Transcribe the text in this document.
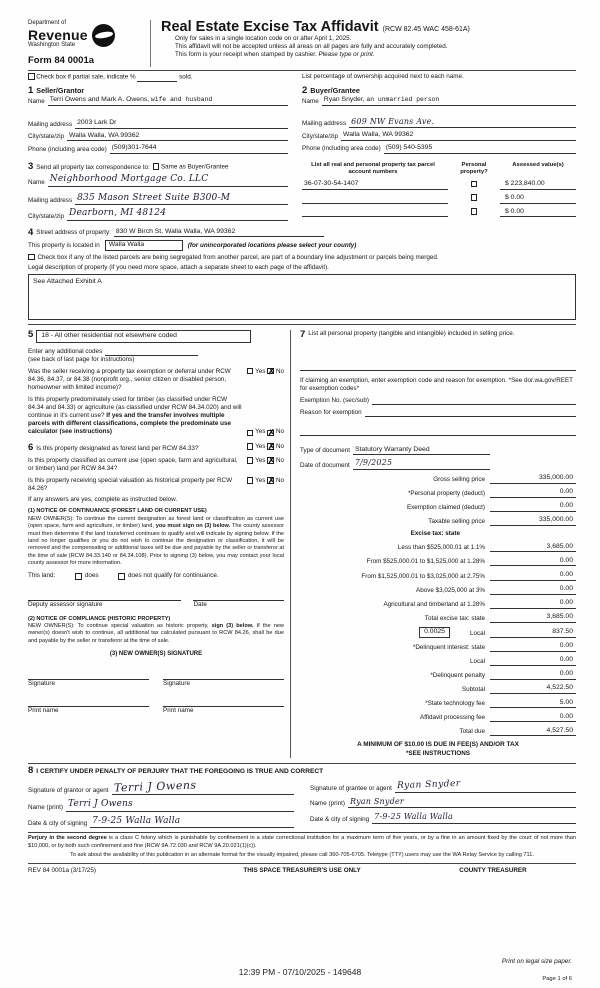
Department of
Revenue
Washington State
Form 84 0001a
Real Estate Excise Tax Affidavit (RCW 82.45 WAC 458-61A)
Only for sales in a single location code on or after April 1, 2025.
This affidavit will not be accepted unless all areas on all pages are fully and accurately completed.
This form is your receipt when stamped by cashier. Please type or print.
Check box if partial sale, indicate %	sold.	List percentage of ownership acquired next to each name.
1 Seller/Grantor
Name Terri Owens and Mark A. Owens, wife and husband
Mailing address 2003 Lark Dr
City/state/zip Walla Walla, WA 99362
Phone (including area code) (509)301-7644
2 Buyer/Grantee
Name Ryan Snyder, an unmarried person
Mailing address 609 NW Evans Ave.
City/state/zip Walla Walla, WA 99362
Phone (including area code) (509) 540-5395
3 Send all property tax correspondence to:	Same as Buyer/Grantee
Name Neighborhood Mortgage Co. LLC
Mailing address 835 Mason Street Suite B300-M
City/state/zip Dearborn, MI 48124
List all real and personal property tax parcel account numbers
Personal property?
Assessed value(s)
36-07-30-54-1407	$ 223,840.00
$ 0.00
$ 0.00
4 Street address of property: 830 W Birch St, Walla Walla, WA 99362
This property is located in	Walla Walla	(for unincorporated locations please select your county)
Check box if any of the listed parcels are being segregated from another parcel, are part of a boundary line adjustment or parcels being merged.
Legal description of property (if you need more space, attach a separate sheet to each page of the affidavit).
See Attached Exhibit A
5	18 - All other residential not elsewhere coded
Enter any additional codes
(see back of last page for instructions)
Was the seller receiving a property tax exemption or deferral under RCW 84.36, 84.37, or 84.38 (nonprofit org., senior citizen or disabled person, homeowner with limited income)?
Yes ✗ No
Is this property predominately used for timber (as classified under RCW 84.34 and 84.33) or agriculture (as classified under RCW 84.34.020) and will continue in it's current use? If yes and the transfer involves multiple parcels with different classifications, complete the predominate use calculator (see instructions)	Yes ✗ No
6 Is this property designated as forest land per RCW 84.33?	Yes ✗ No
Is this property classified as current use (open space, farm and agricultural, or timber) land per RCW 84.34?
Yes ✗ No
Is this property receiving special valuation as historical property per RCW 84.26?
Yes ✗ No
If any answers are yes, complete as instructed below.
(1) NOTICE OF CONTINUANCE (FOREST LAND OR CURRENT USE)
NEW OWNER(S): To continue the current designation as forest land or classification as current use (open space, farm and agriculture, or timber) land, you must sign on (3) below. The county assessor must then determine if the land transferred continues to qualify and will indicate by signing below. If the land no longer qualifies or you do not wish to continue the designation or classification, it will be removed and the compensating or additional taxes will be due and payable by the seller or transferor at the time of sale (RCW 84.33.140 or 84.34.108). Prior to signing (3) below, you may contact your local county assessor for more information.
This land:	does	does not qualify for continuance.
Deputy assessor signature	Date
(2) NOTICE OF COMPLIANCE (HISTORIC PROPERTY)
NEW OWNER(S): To continue special valuation as historic property, sign (3) below. If the new owner(s) doesn't wish to continue, all additional tax calculated pursuant to RCW 84.26, shall be due and payable by the seller or transferor at the time of sale.
(3) NEW OWNER(S) SIGNATURE
Signature	Signature
Print name	Print name
7 List all personal property (tangible and intangible) included in selling price.
If claiming an exemption, enter exemption code and reason for exemption. *See dor.wa.gov/REET for exemption codes*
Exemption No. (sec/sub)
Reason for exemption
Type of document Statutory Warranty Deed
Date of document 7/9/2025
Gross selling price	335,000.00
*Personal property (deduct)	0.00
Exemption claimed (deduct)	0.00
Taxable selling price	335,000.00
Excise tax: state
Less than $525,000.01 at 1.1%	3,685.00
From $525,000.01 to $1,525,000 at 1.28%	0.00
From $1,525,000.01 to $3,025,000 at 2.75%	0.00
Above $3,025,000 at 3%	0.00
Agricultural and timberland at 1.28%	0.00
Total excise tax: state	3,685.00
0.0025	Local	837.50
*Delinquent interest: state	0.00
Local	0.00
*Delinquent penalty	0.00
Subtotal	4,522.50
*State technology fee	5.00
Affidavit processing fee	0.00
Total due	4,527.50
A MINIMUM OF $10.00 IS DUE IN FEE(S) AND/OR TAX
*SEE INSTRUCTIONS
8 I CERTIFY UNDER PENALTY OF PERJURY THAT THE FOREGOING IS TRUE AND CORRECT
Signature of grantor or agent Terri J Owens
Name (print) Terri J Owens
Date & city of signing 7-9-25 Walla Walla
Signature of grantee or agent Ryan Snyder
Name (print) Ryan Snyder
Date & city of signing 7-9-25 Walla Walla
Perjury in the second degree is a class C felony which is punishable by confinement in a state correctional institution for a maximum term of five years, or by a fine in an amount fixed by the court of not more than $10,000, or by both such confinement and fine (RCW 9A.72.030 and RCW 9A.20.021(1)(c)).
To ask about the availability of this publication in an alternate format for the visually impaired, please call 360-705-6705. Teletype (TTY) users may use the WA Relay Service by calling 711.
REV 84 0001a (3/17/25)	THIS SPACE TREASURER'S USE ONLY	COUNTY TREASURER
Print on legal size paper.
12:39 PM - 07/10/2025 - 149648
Page 1 of 6
